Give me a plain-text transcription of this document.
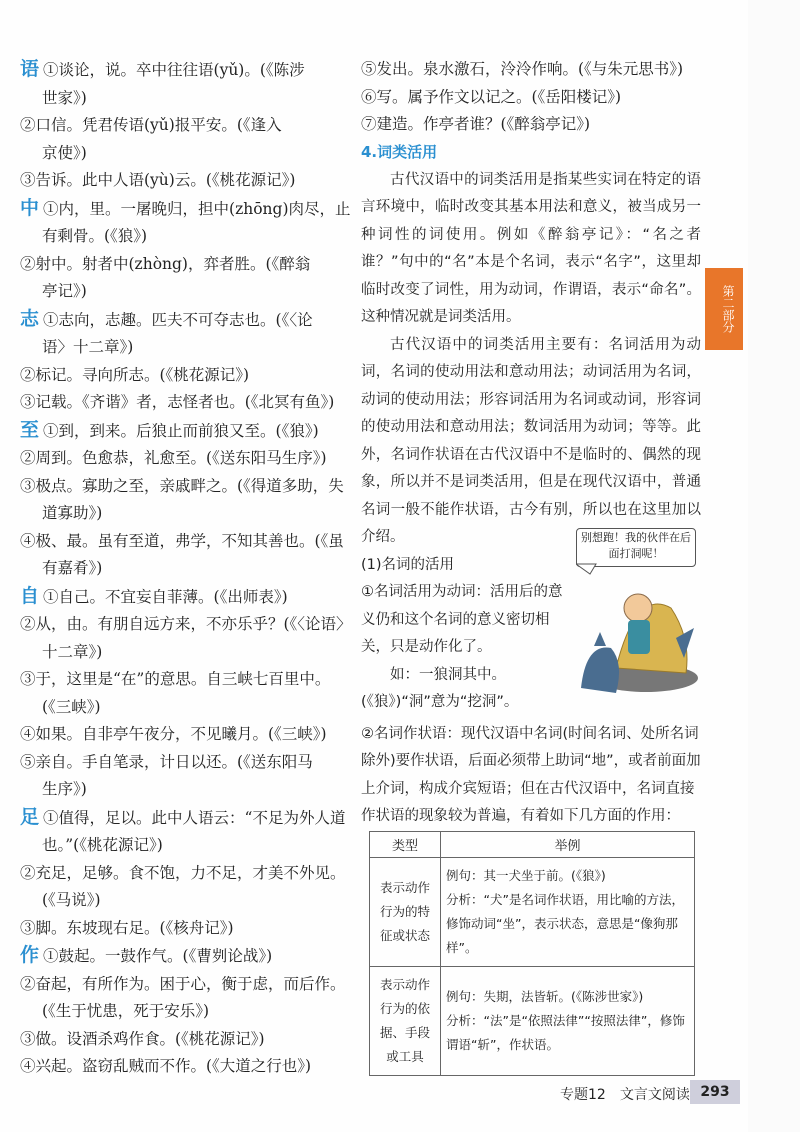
语 ①谈论，说。卒中往往语(yǔ)。(《陈涉
世家》)

②口信。凭君传语(yǔ)报平安。(《逢入
京使》)

③告诉。此中人语(yù)云。(《桃花源记》)

中 ①内，里。一屠晚归，担中(zhōng)肉尽，止
有剩骨。(《狼》)

②射中。射者中(zhòng)，弈者胜。(《醉翁
亭记》)

志 ①志向，志趣。匹夫不可夺志也。(《〈论
语〉十二章》)

②标记。寻向所志。(《桃花源记》)

③记载。《齐谐》者，志怪者也。(《北冥有鱼》)

至 ①到，到来。后狼止而前狼又至。(《狼》)

②周到。色愈恭，礼愈至。(《送东阳马生序》)

③极点。寡助之至，亲戚畔之。(《得道多助，失
道寡助》)

④极、最。虽有至道，弗学，不知其善也。(《虽
有嘉肴》)

自 ①自己。不宜妄自菲薄。(《出师表》)

②从，由。有朋自远方来，不亦乐乎？(《〈论语〉
十二章》)

③于，这里是“在”的意思。自三峡七百里中。
(《三峡》)

④如果。自非亭午夜分，不见曦月。(《三峡》)

⑤亲自。手自笔录，计日以还。(《送东阳马
生序》)

足 ①值得，足以。此中人语云：“不足为外人道
也。”(《桃花源记》)

②充足，足够。食不饱，力不足，才美不外见。
(《马说》)

③脚。东坡现右足。(《核舟记》)

作 ①鼓起。一鼓作气。(《曹刿论战》)

②奋起，有所作为。困于心，衡于虑，而后作。
(《生于忧患，死于安乐》)

③做。设酒杀鸡作食。(《桃花源记》)

④兴起。盗窃乱贼而不作。(《大道之行也》)

⑤发出。泉水激石，泠泠作响。(《与朱元思书》)

⑥写。属予作文以记之。(《岳阳楼记》)

⑦建造。作亭者谁？(《醉翁亭记》)

4.词类活用

古代汉语中的词类活用是指某些实词在特定的语言环境中，临时改变其基本用法和意义，被当成另一种词性的词使用。例如《醉翁亭记》：“名之者谁？”句中的“名”本是个名词，表示“名字”，这里却临时改变了词性，用为动词，作谓语，表示“命名”。这种情况就是词类活用。

古代汉语中的词类活用主要有：名词活用为动词，名词的使动用法和意动用法；动词活用为名词，动词的使动用法；形容词活用为名词或动词，形容词的使动用法和意动用法；数词活用为动词；等等。此外，名词作状语在古代汉语中不是临时的、偶然的现象，所以并不是词类活用，但是在现代汉语中，普通名词一般不能作状语，古今有别，所以也在这里加以介绍。

(1)名词的活用

①名词活用为动词：活用后的意义仍和这个名词的意义密切相关，只是动作化了。

如：一狼洞其中。(《狼》)“洞”意为“挖洞”。

②名词作状语：现代汉语中名词(时间名词、处所名词除外)要作状语，后面必须带上助词“地”，或者前面加上介词，构成介宾短语；但在古代汉语中，名词直接作状语的现象较为普遍，有着如下几方面的作用：

别想跑！我的伙伴在后面打洞呢！
类型	举例
表示动作行为的特征或状态	例句：其一犬坐于前。(《狼》)
分析：“犬”是名词作状语，用比喻的方法，修饰动词“坐”，表示状态，意思是“像狗那样”。

表示动作行为的依据、手段或工具	例句：失期，法皆斩。(《陈涉世家》)
分析：“法”是“依照法律”“按照法律”，修饰谓语“斩”，作状语。
第二部分
专题12　文言文阅读 293
